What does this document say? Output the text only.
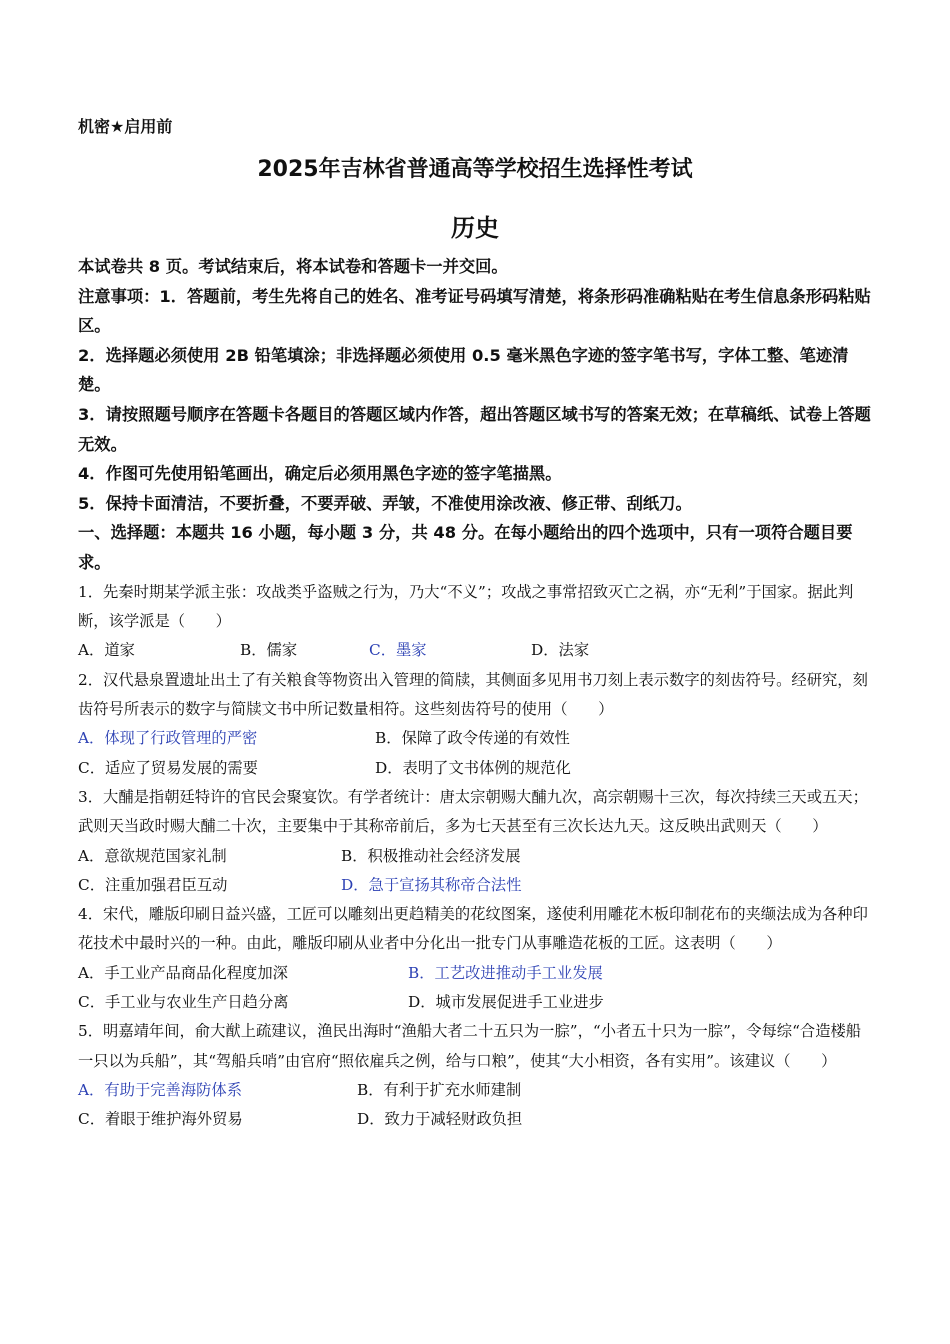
机密★启用前
2025年吉林省普通高等学校招生选择性考试
历史
本试卷共 8 页。考试结束后，将本试卷和答题卡一并交回。
注意事项：1．答题前，考生先将自己的姓名、准考证号码填写清楚，将条形码准确粘贴在考生信息条形码粘贴区。
2．选择题必须使用 2B 铅笔填涂；非选择题必须使用 0.5 毫米黑色字迹的签字笔书写，字体工整、笔迹清楚。
3．请按照题号顺序在答题卡各题目的答题区域内作答，超出答题区域书写的答案无效；在草稿纸、试卷上答题无效。
4．作图可先使用铅笔画出，确定后必须用黑色字迹的签字笔描黑。
5．保持卡面清洁，不要折叠，不要弄破、弄皱，不准使用涂改液、修正带、刮纸刀。
一、选择题：本题共 16 小题，每小题 3 分，共 48 分。在每小题给出的四个选项中，只有一项符合题目要求。
1．先秦时期某学派主张：攻战类乎盗贼之行为，乃大“不义”；攻战之事常招致灭亡之祸，亦“无利”于国家。据此判断，该学派是（　　）
A．道家	B．儒家	C．墨家	D．法家
2．汉代悬泉置遗址出土了有关粮食等物资出入管理的简牍，其侧面多见用书刀刻上表示数字的刻齿符号。经研究，刻齿符号所表示的数字与简牍文书中所记数量相符。这些刻齿符号的使用（　　）
A．体现了行政管理的严密	B．保障了政令传递的有效性
C．适应了贸易发展的需要	D．表明了文书体例的规范化
3．大酺是指朝廷特许的官民会聚宴饮。有学者统计：唐太宗朝赐大酺九次，高宗朝赐十三次，每次持续三天或五天；武则天当政时赐大酺二十次，主要集中于其称帝前后，多为七天甚至有三次长达九天。这反映出武则天（　　）
A．意欲规范国家礼制	B．积极推动社会经济发展
C．注重加强君臣互动	D．急于宣扬其称帝合法性
4．宋代，雕版印刷日益兴盛，工匠可以雕刻出更趋精美的花纹图案，遂使利用雕花木板印制花布的夹缬法成为各种印花技术中最时兴的一种。由此，雕版印刷从业者中分化出一批专门从事雕造花板的工匠。这表明（　　）
A．手工业产品商品化程度加深	B．工艺改进推动手工业发展
C．手工业与农业生产日趋分离	D．城市发展促进手工业进步
5．明嘉靖年间，俞大猷上疏建议，渔民出海时“渔船大者二十五只为一腙”，“小者五十只为一腙”，令每综“合造楼船一只以为兵船”，其“驾船兵哨”由官府“照依雇兵之例，给与口粮”，使其“大小相资，各有实用”。该建议（　　）
A．有助于完善海防体系	B．有利于扩充水师建制
C．着眼于维护海外贸易	D．致力于减轻财政负担
